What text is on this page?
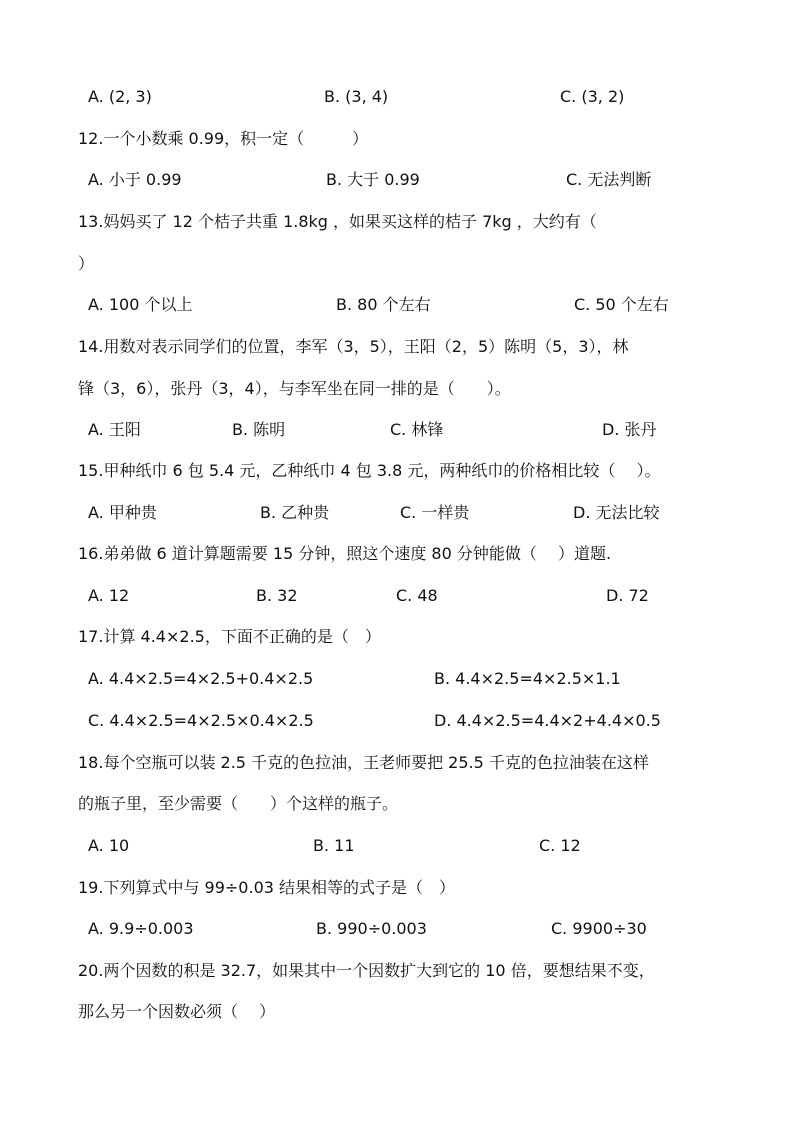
A. (2, 3)	B. (3, 4)	C. (3, 2)
12.一个小数乘 0.99，积一定（　　　）
A. 小于 0.99	B. 大于 0.99	C. 无法判断
13.妈妈买了 12 个桔子共重 1.8kg ，如果买这样的桔子 7kg ，大约有（
）
A. 100 个以上	B. 80 个左右	C. 50 个左右
14.用数对表示同学们的位置，李军（3，5），王阳（2，5）陈明（5，3），林
锋（3，6），张丹（3，4），与李军坐在同一排的是（　　）。
A. 王阳	B. 陈明	C. 林锋	D. 张丹
15.甲种纸巾 6 包 5.4 元，乙种纸巾 4 包 3.8 元，两种纸巾的价格相比较（　 ）。
A. 甲种贵	B. 乙种贵	C. 一样贵	D. 无法比较
16.弟弟做 6 道计算题需要 15 分钟，照这个速度 80 分钟能做（　 ）道题.
A. 12	B. 32	C. 48	D. 72
17.计算 4.4×2.5，下面不正确的是（　）
A. 4.4×2.5=4×2.5+0.4×2.5	B. 4.4×2.5=4×2.5×1.1
C. 4.4×2.5=4×2.5×0.4×2.5	D. 4.4×2.5=4.4×2+4.4×0.5
18.每个空瓶可以装 2.5 千克的色拉油，王老师要把 25.5 千克的色拉油装在这样
的瓶子里，至少需要（　　）个这样的瓶子。
A. 10	B. 11	C. 12
19.下列算式中与 99÷0.03 结果相等的式子是（　）
A. 9.9÷0.003	B. 990÷0.003	C. 9900÷30
20.两个因数的积是 32.7，如果其中一个因数扩大到它的 10 倍，要想结果不变，
那么另一个因数必须（　 ）
